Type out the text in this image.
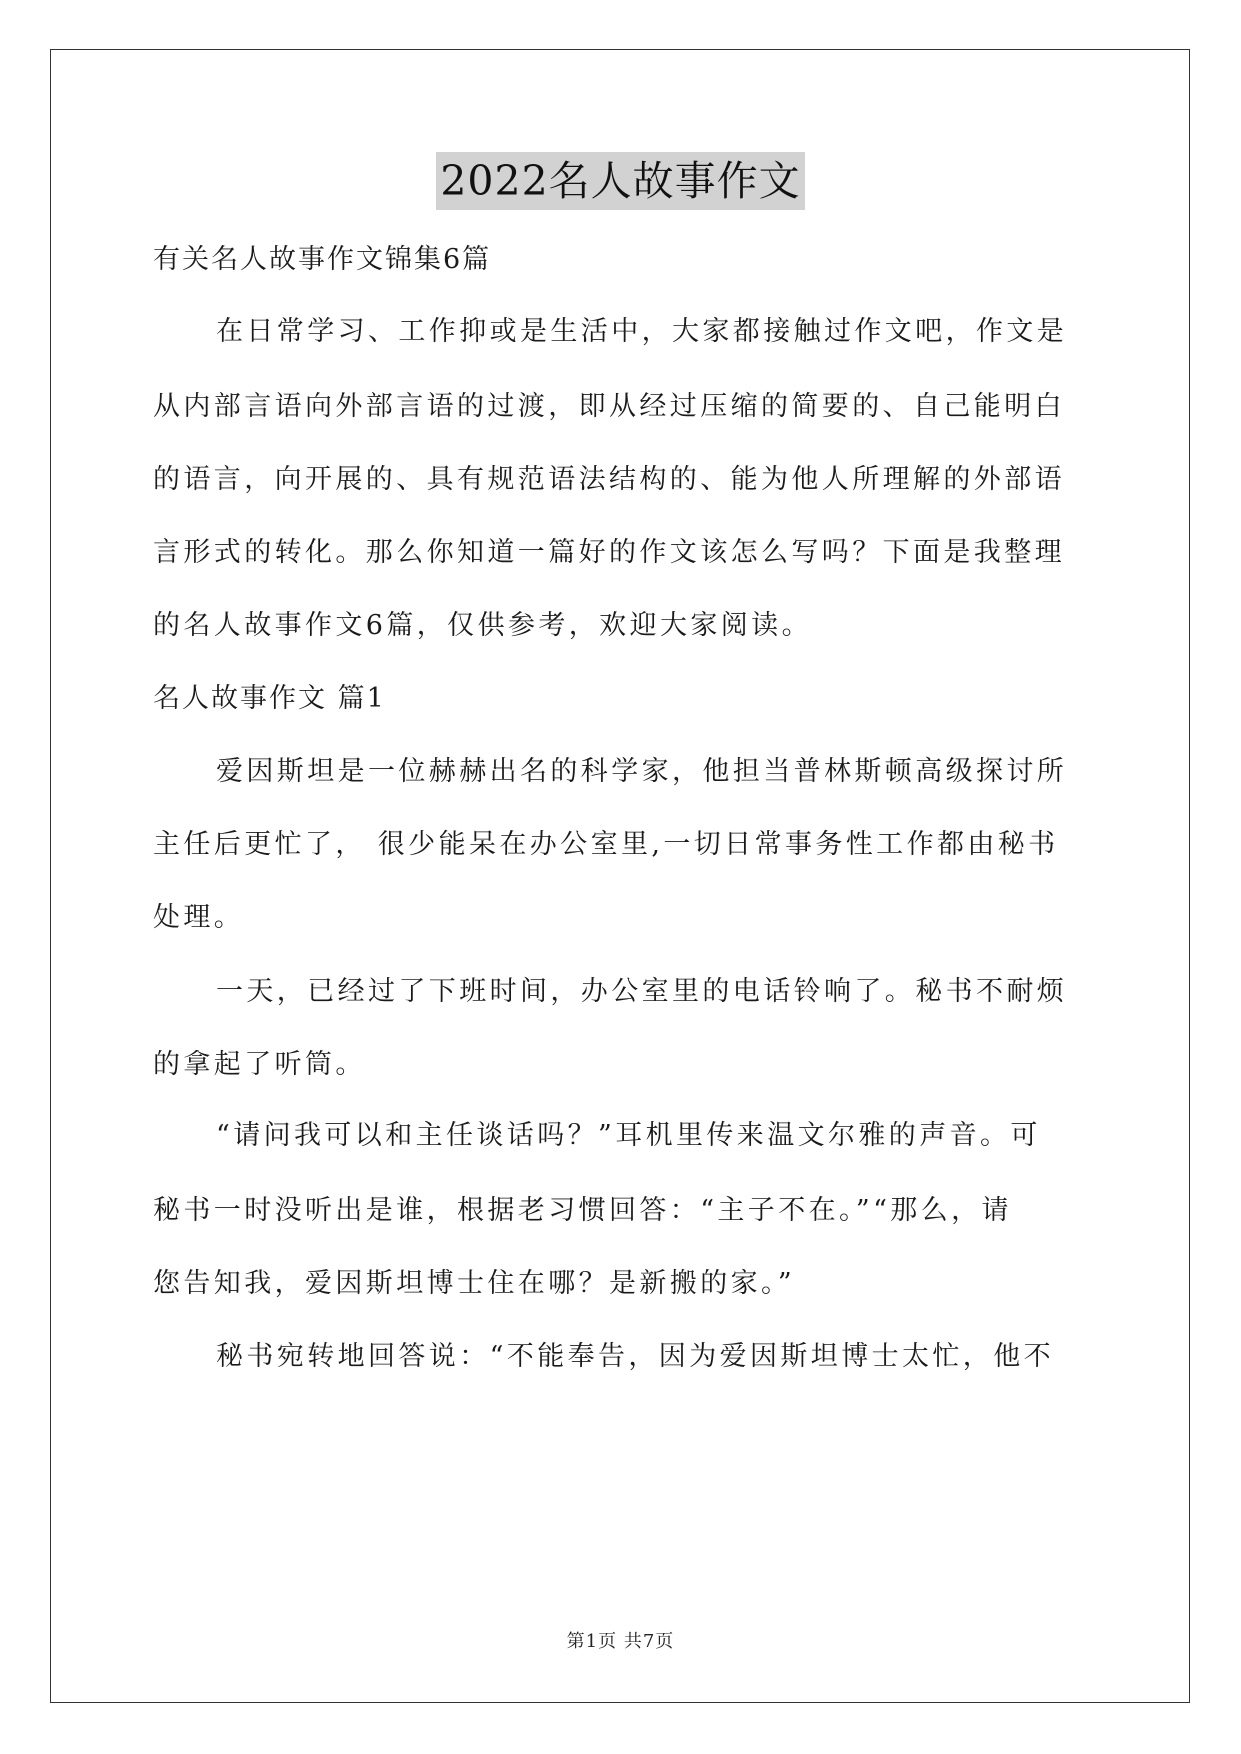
2022名人故事作文
有关名人故事作文锦集6篇
在日常学习、工作抑或是生活中，大家都接触过作文吧，作文是
从内部言语向外部言语的过渡，即从经过压缩的简要的、自己能明白
的语言，向开展的、具有规范语法结构的、能为他人所理解的外部语
言形式的转化。那么你知道一篇好的作文该怎么写吗？下面是我整理
的名人故事作文6篇，仅供参考，欢迎大家阅读。
名人故事作文 篇1
爱因斯坦是一位赫赫出名的科学家，他担当普林斯顿高级探讨所
主任后更忙了， 很少能呆在办公室里,一切日常事务性工作都由秘书
处理。
一天，已经过了下班时间，办公室里的电话铃响了。秘书不耐烦
的拿起了听筒。
“请问我可以和主任谈话吗？”耳机里传来温文尔雅的声音。可
秘书一时没听出是谁，根据老习惯回答：“主子不在。”“那么，请
您告知我，爱因斯坦博士住在哪？是新搬的家。”
秘书宛转地回答说：“不能奉告，因为爱因斯坦博士太忙，他不
第1页 共7页
